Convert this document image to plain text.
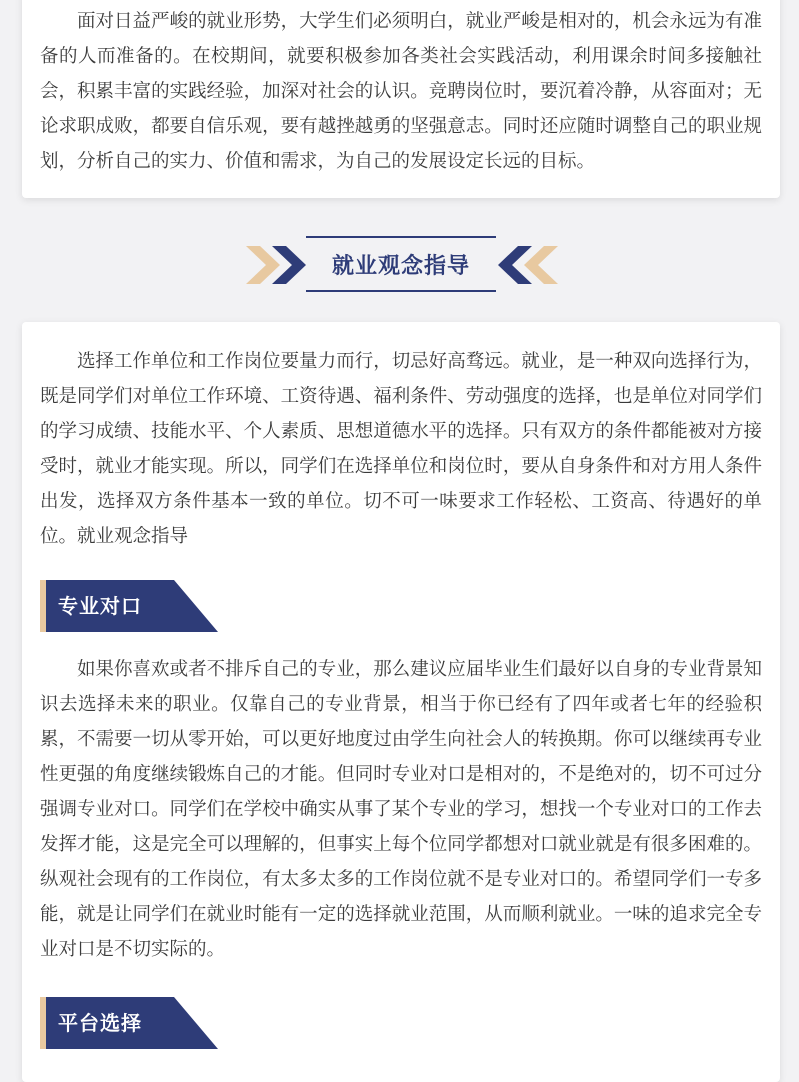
面对日益严峻的就业形势，大学生们必须明白，就业严峻是相对的，机会永远为有准备的人而准备的。在校期间，就要积极参加各类社会实践活动，利用课余时间多接触社会，积累丰富的实践经验，加深对社会的认识。竞聘岗位时，要沉着冷静，从容面对；无论求职成败，都要自信乐观，要有越挫越勇的坚强意志。同时还应随时调整自己的职业规划，分析自己的实力、价值和需求，为自己的发展设定长远的目标。

就业观念指导

选择工作单位和工作岗位要量力而行，切忌好高骛远。就业，是一种双向选择行为，既是同学们对单位工作环境、工资待遇、福利条件、劳动强度的选择，也是单位对同学们的学习成绩、技能水平、个人素质、思想道德水平的选择。只有双方的条件都能被对方接受时，就业才能实现。所以，同学们在选择单位和岗位时，要从自身条件和对方用人条件出发，选择双方条件基本一致的单位。切不可一味要求工作轻松、工资高、待遇好的单位。就业观念指导

专业对口

如果你喜欢或者不排斥自己的专业，那么建议应届毕业生们最好以自身的专业背景知识去选择未来的职业。仅靠自己的专业背景，相当于你已经有了四年或者七年的经验积累，不需要一切从零开始，可以更好地度过由学生向社会人的转换期。你可以继续再专业性更强的角度继续锻炼自己的才能。但同时专业对口是相对的，不是绝对的，切不可过分强调专业对口。同学们在学校中确实从事了某个专业的学习，想找一个专业对口的工作去发挥才能，这是完全可以理解的，但事实上每个位同学都想对口就业就是有很多困难的。纵观社会现有的工作岗位，有太多太多的工作岗位就不是专业对口的。希望同学们一专多能，就是让同学们在就业时能有一定的选择就业范围，从而顺利就业。一味的追求完全专业对口是不切实际的。

平台选择
